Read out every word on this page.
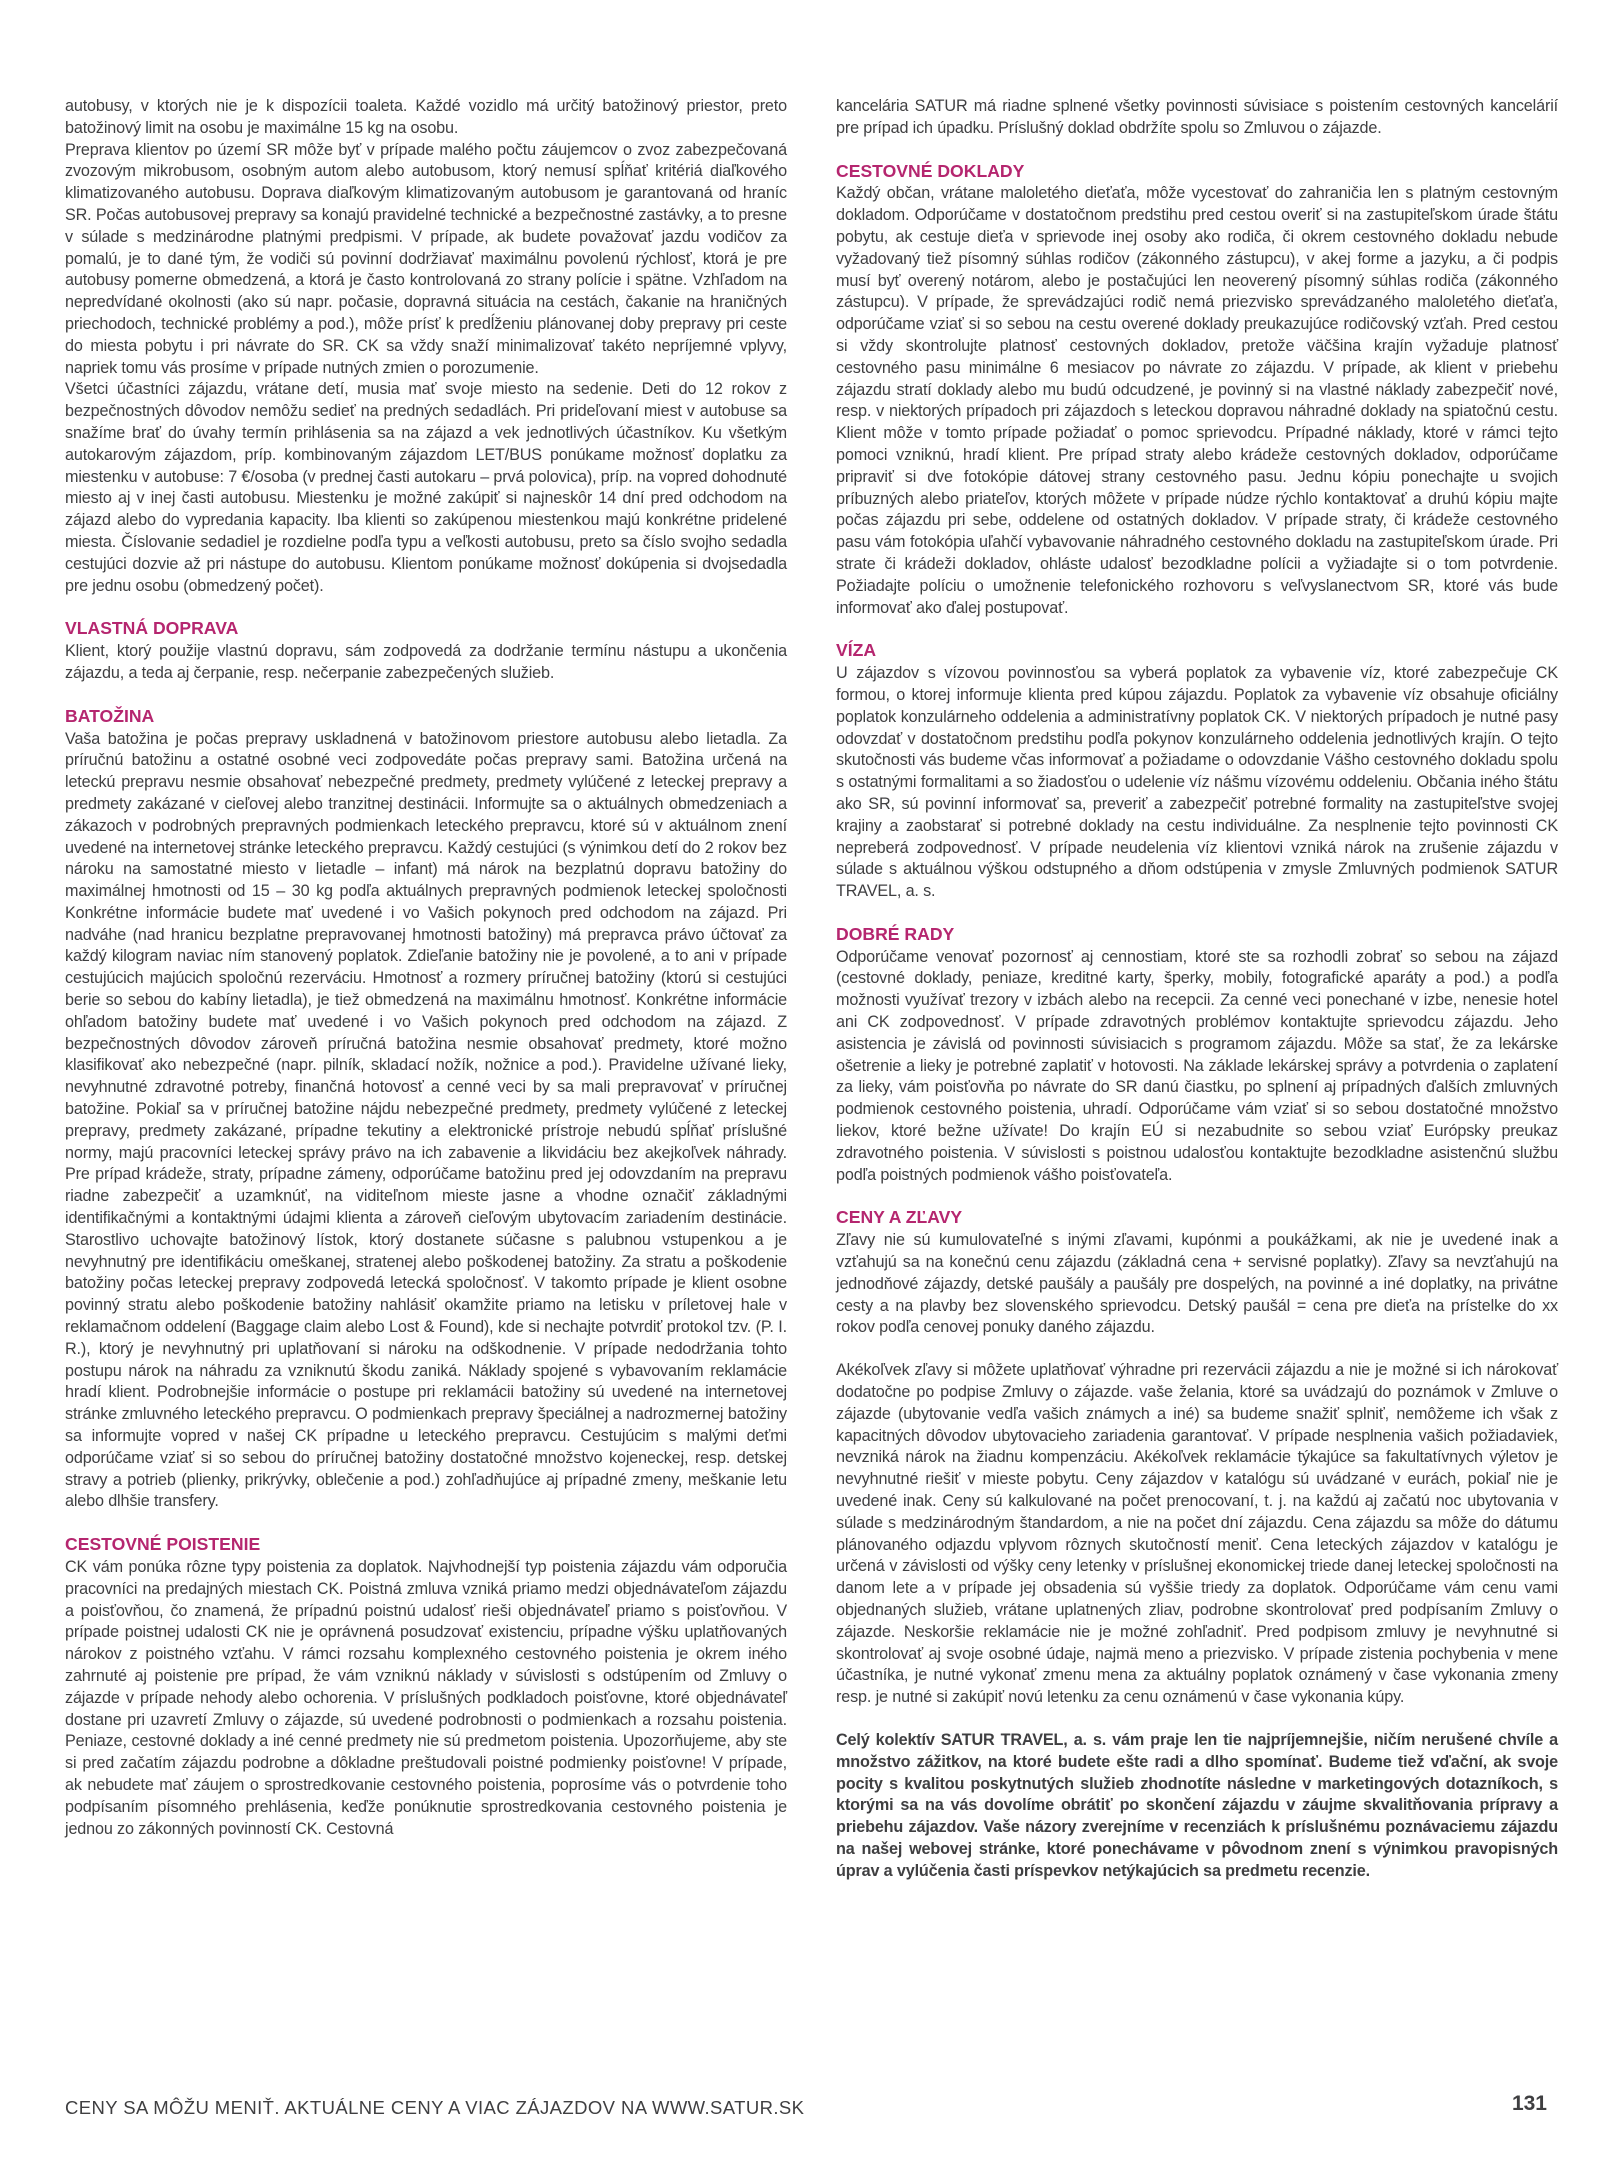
autobusy, v ktorých nie je k dispozícii toaleta. Každé vozidlo má určitý batožinový priestor, preto batožinový limit na osobu je maximálne 15 kg na osobu.

Preprava klientov po území SR môže byť v prípade malého počtu záujemcov o zvoz zabezpečovaná zvozovým mikrobusom, osobným autom alebo autobusom, ktorý nemusí spĺňať kritériá diaľkového klimatizovaného autobusu. Doprava diaľkovým klimatizovaným autobusom je garantovaná od hraníc SR. Počas autobusovej prepravy sa konajú pravidelné technické a bezpečnostné zastávky, a to presne v súlade s medzinárodne platnými predpismi. V prípade, ak budete považovať jazdu vodičov za pomalú, je to dané tým, že vodiči sú povinní dodržiavať maximálnu povolenú rýchlosť, ktorá je pre autobusy pomerne obmedzená, a ktorá je často kontrolovaná zo strany polície i spätne. Vzhľadom na nepredvídané okolnosti (ako sú napr. počasie, dopravná situácia na cestách, čakanie na hraničných priechodoch, technické problémy a pod.), môže prísť k predĺženiu plánovanej doby prepravy pri ceste do miesta pobytu i pri návrate do SR. CK sa vždy snaží minimalizovať takéto nepríjemné vplyvy, napriek tomu vás prosíme v prípade nutných zmien o porozumenie.

Všetci účastníci zájazdu, vrátane detí, musia mať svoje miesto na sedenie. Deti do 12 rokov z bezpečnostných dôvodov nemôžu sedieť na predných sedadlách. Pri prideľovaní miest v autobuse sa snažíme brať do úvahy termín prihlásenia sa na zájazd a vek jednotlivých účastníkov. Ku všetkým autokarovým zájazdom, príp. kombinovaným zájazdom LET/BUS ponúkame možnosť doplatku za miestenku v autobuse: 7 €/osoba (v prednej časti autokaru – prvá polovica), príp. na vopred dohodnuté miesto aj v inej časti autobusu. Miestenku je možné zakúpiť si najneskôr 14 dní pred odchodom na zájazd alebo do vypredania kapacity. Iba klienti so zakúpenou miestenkou majú konkrétne pridelené miesta. Číslovanie sedadiel je rozdielne podľa typu a veľkosti autobusu, preto sa číslo svojho sedadla cestujúci dozvie až pri nástupe do autobusu. Klientom ponúkame možnosť dokúpenia si dvojsedadla pre jednu osobu (obmedzený počet).

VLASTNÁ DOPRAVA

Klient, ktorý použije vlastnú dopravu, sám zodpovedá za dodržanie termínu nástupu a ukončenia zájazdu, a teda aj čerpanie, resp. nečerpanie zabezpečených služieb.

BATOŽINA

Vaša batožina je počas prepravy uskladnená v batožinovom priestore autobusu alebo lietadla. Za príručnú batožinu a ostatné osobné veci zodpovedáte počas prepravy sami. Batožina určená na leteckú prepravu nesmie obsahovať nebezpečné predmety, predmety vylúčené z leteckej prepravy a predmety zakázané v cieľovej alebo tranzitnej destinácii. Informujte sa o aktuálnych obmedzeniach a zákazoch v podrobných prepravných podmienkach leteckého prepravcu, ktoré sú v aktuálnom znení uvedené na internetovej stránke leteckého prepravcu. Každý cestujúci (s výnimkou detí do 2 rokov bez nároku na samostatné miesto v lietadle – infant) má nárok na bezplatnú dopravu batožiny do maximálnej hmotnosti od 15 – 30 kg podľa aktuálnych prepravných podmienok leteckej spoločnosti Konkrétne informácie budete mať uvedené i vo Vašich pokynoch pred odchodom na zájazd. Pri nadváhe (nad hranicu bezplatne prepravovanej hmotnosti batožiny) má prepravca právo účtovať za každý kilogram naviac ním stanovený poplatok. Zdieľanie batožiny nie je povolené, a to ani v prípade cestujúcich majúcich spoločnú rezerváciu. Hmotnosť a rozmery príručnej batožiny (ktorú si cestujúci berie so sebou do kabíny lietadla), je tiež obmedzená na maximálnu hmotnosť. Konkrétne informácie ohľadom batožiny budete mať uvedené i vo Vašich pokynoch pred odchodom na zájazd. Z bezpečnostných dôvodov zároveň príručná batožina nesmie obsahovať predmety, ktoré možno klasifikovať ako nebezpečné (napr. pilník, skladací nožík, nožnice a pod.). Pravidelne užívané lieky, nevyhnutné zdravotné potreby, finančná hotovosť a cenné veci by sa mali prepravovať v príručnej batožine. Pokiaľ sa v príručnej batožine nájdu nebezpečné predmety, predmety vylúčené z leteckej prepravy, predmety zakázané, prípadne tekutiny a elektronické prístroje nebudú spĺňať príslušné normy, majú pracovníci leteckej správy právo na ich zabavenie a likvidáciu bez akejkoľvek náhrady. Pre prípad krádeže, straty, prípadne zámeny, odporúčame batožinu pred jej odovzdaním na prepravu riadne zabezpečiť a uzamknúť, na viditeľnom mieste jasne a vhodne označiť základnými identifikačnými a kontaktnými údajmi klienta a zároveň cieľovým ubytovacím zariadením destinácie. Starostlivo uchovajte batožinový lístok, ktorý dostanete súčasne s palubnou vstupenkou a je nevyhnutný pre identifikáciu omeškanej, stratenej alebo poškodenej batožiny. Za stratu a poškodenie batožiny počas leteckej prepravy zodpovedá letecká spoločnosť. V takomto prípade je klient osobne povinný stratu alebo poškodenie batožiny nahlásiť okamžite priamo na letisku v príletovej hale v reklamačnom oddelení (Baggage claim alebo Lost & Found), kde si nechajte potvrdiť protokol tzv. (P. I. R.), ktorý je nevyhnutný pri uplatňovaní si nároku na odškodnenie. V prípade nedodržania tohto postupu nárok na náhradu za vzniknutú škodu zaniká. Náklady spojené s vybavovaním reklamácie hradí klient. Podrobnejšie informácie o postupe pri reklamácii batožiny sú uvedené na internetovej stránke zmluvného leteckého prepravcu. O podmienkach prepravy špeciálnej a nadrozmernej batožiny sa informujte vopred v našej CK prípadne u leteckého prepravcu. Cestujúcim s malými deťmi odporúčame vziať si so sebou do príručnej batožiny dostatočné množstvo kojeneckej, resp. detskej stravy a potrieb (plienky, prikrývky, oblečenie a pod.) zohľadňujúce aj prípadné zmeny, meškanie letu alebo dlhšie transfery.

CESTOVNÉ POISTENIE

CK vám ponúka rôzne typy poistenia za doplatok. Najvhodnejší typ poistenia zájazdu vám odporučia pracovníci na predajných miestach CK. Poistná zmluva vzniká priamo medzi objednávateľom zájazdu a poisťovňou, čo znamená, že prípadnú poistnú udalosť rieši objednávateľ priamo s poisťovňou. V prípade poistnej udalosti CK nie je oprávnená posudzovať existenciu, prípadne výšku uplatňovaných nárokov z poistného vzťahu. V rámci rozsahu komplexného cestovného poistenia je okrem iného zahrnuté aj poistenie pre prípad, že vám vzniknú náklady v súvislosti s odstúpením od Zmluvy o zájazde v prípade nehody alebo ochorenia. V príslušných podkladoch poisťovne, ktoré objednávateľ dostane pri uzavretí Zmluvy o zájazde, sú uvedené podrobnosti o podmienkach a rozsahu poistenia. Peniaze, cestovné doklady a iné cenné predmety nie sú predmetom poistenia. Upozorňujeme, aby ste si pred začatím zájazdu podrobne a dôkladne preštudovali poistné podmienky poisťovne! V prípade, ak nebudete mať záujem o sprostredkovanie cestovného poistenia, poprosíme vás o potvrdenie toho podpísaním písomného prehlásenia, keďže ponúknutie sprostredkovania cestovného poistenia je jednou zo zákonných povinností CK. Cestovná

kancelária SATUR má riadne splnené všetky povinnosti súvisiace s poistením cestovných kancelárií pre prípad ich úpadku. Príslušný doklad obdržíte spolu so Zmluvou o zájazde.

CESTOVNÉ DOKLADY

Každý občan, vrátane maloletého dieťaťa, môže vycestovať do zahraničia len s platným cestovným dokladom. Odporúčame v dostatočnom predstihu pred cestou overiť si na zastupiteľskom úrade štátu pobytu, ak cestuje dieťa v sprievode inej osoby ako rodiča, či okrem cestovného dokladu nebude vyžadovaný tiež písomný súhlas rodičov (zákonného zástupcu), v akej forme a jazyku, a či podpis musí byť overený notárom, alebo je postačujúci len neoverený písomný súhlas rodiča (zákonného zástupcu). V prípade, že sprevádzajúci rodič nemá priezvisko sprevádzaného maloletého dieťaťa, odporúčame vziať si so sebou na cestu overené doklady preukazujúce rodičovský vzťah. Pred cestou si vždy skontrolujte platnosť cestovných dokladov, pretože väčšina krajín vyžaduje platnosť cestovného pasu minimálne 6 mesiacov po návrate zo zájazdu. V prípade, ak klient v priebehu zájazdu stratí doklady alebo mu budú odcudzené, je povinný si na vlastné náklady zabezpečiť nové, resp. v niektorých prípadoch pri zájazdoch s leteckou dopravou náhradné doklady na spiatočnú cestu. Klient môže v tomto prípade požiadať o pomoc sprievodcu. Prípadné náklady, ktoré v rámci tejto pomoci vzniknú, hradí klient. Pre prípad straty alebo krádeže cestovných dokladov, odporúčame pripraviť si dve fotokópie dátovej strany cestovného pasu. Jednu kópiu ponechajte u svojich príbuzných alebo priateľov, ktorých môžete v prípade núdze rýchlo kontaktovať a druhú kópiu majte počas zájazdu pri sebe, oddelene od ostatných dokladov. V prípade straty, či krádeže cestovného pasu vám fotokópia uľahčí vybavovanie náhradného cestovného dokladu na zastupiteľskom úrade. Pri strate či krádeži dokladov, ohláste udalosť bezodkladne polícii a vyžiadajte si o tom potvrdenie. Požiadajte políciu o umožnenie telefonického rozhovoru s veľvyslanectvom SR, ktoré vás bude informovať ako ďalej postupovať.

VÍZA

U zájazdov s vízovou povinnosťou sa vyberá poplatok za vybavenie víz, ktoré zabezpečuje CK formou, o ktorej informuje klienta pred kúpou zájazdu. Poplatok za vybavenie víz obsahuje oficiálny poplatok konzulárneho oddelenia a administratívny poplatok CK. V niektorých prípadoch je nutné pasy odovzdať v dostatočnom predstihu podľa pokynov konzulárneho oddelenia jednotlivých krajín. O tejto skutočnosti vás budeme včas informovať a požiadame o odovzdanie Vášho cestovného dokladu spolu s ostatnými formalitami a so žiadosťou o udelenie víz nášmu vízovému oddeleniu. Občania iného štátu ako SR, sú povinní informovať sa, preveriť a zabezpečiť potrebné formality na zastupiteľstve svojej krajiny a zaobstarať si potrebné doklady na cestu individuálne. Za nesplnenie tejto povinnosti CK nepreberá zodpovednosť. V prípade neudelenia víz klientovi vzniká nárok na zrušenie zájazdu v súlade s aktuálnou výškou odstupného a dňom odstúpenia v zmysle Zmluvných podmienok SATUR TRAVEL, a. s.

DOBRÉ RADY

Odporúčame venovať pozornosť aj cennostiam, ktoré ste sa rozhodli zobrať so sebou na zájazd (cestovné doklady, peniaze, kreditné karty, šperky, mobily, fotografické aparáty a pod.) a podľa možnosti využívať trezory v izbách alebo na recepcii. Za cenné veci ponechané v izbe, nenesie hotel ani CK zodpovednosť. V prípade zdravotných problémov kontaktujte sprievodcu zájazdu. Jeho asistencia je závislá od povinnosti súvisiacich s programom zájazdu. Môže sa stať, že za lekárske ošetrenie a lieky je potrebné zaplatiť v hotovosti. Na základe lekárskej správy a potvrdenia o zaplatení za lieky, vám poisťovňa po návrate do SR danú čiastku, po splnení aj prípadných ďalších zmluvných podmienok cestovného poistenia, uhradí. Odporúčame vám vziať si so sebou dostatočné množstvo liekov, ktoré bežne užívate! Do krajín EÚ si nezabudnite so sebou vziať Európsky preukaz zdravotného poistenia. V súvislosti s poistnou udalosťou kontaktujte bezodkladne asistenčnú službu podľa poistných podmienok vášho poisťovateľa.

CENY A ZĽAVY

Zľavy nie sú kumulovateľné s inými zľavami, kupónmi a poukážkami, ak nie je uvedené inak a vzťahujú sa na konečnú cenu zájazdu (základná cena + servisné poplatky). Zľavy sa nevzťahujú na jednodňové zájazdy, detské paušály a paušály pre dospelých, na povinné a iné doplatky, na privátne cesty a na plavby bez slovenského sprievodcu. Detský paušál = cena pre dieťa na prístelke do xx rokov podľa cenovej ponuky daného zájazdu.

Akékoľvek zľavy si môžete uplatňovať výhradne pri rezervácii zájazdu a nie je možné si ich nárokovať dodatočne po podpise Zmluvy o zájazde. vaše želania, ktoré sa uvádzajú do poznámok v Zmluve o zájazde (ubytovanie vedľa vašich známych a iné) sa budeme snažiť splniť, nemôžeme ich však z kapacitných dôvodov ubytovacieho zariadenia garantovať. V prípade nesplnenia vašich požiadaviek, nevzniká nárok na žiadnu kompenzáciu. Akékoľvek reklamácie týkajúce sa fakultatívnych výletov je nevyhnutné riešiť v mieste pobytu. Ceny zájazdov v katalógu sú uvádzané v eurách, pokiaľ nie je uvedené inak. Ceny sú kalkulované na počet prenocovaní, t. j. na každú aj začatú noc ubytovania v súlade s medzinárodným štandardom, a nie na počet dní zájazdu. Cena zájazdu sa môže do dátumu plánovaného odjazdu vplyvom rôznych skutočností meniť. Cena leteckých zájazdov v katalógu je určená v závislosti od výšky ceny letenky v príslušnej ekonomickej triede danej leteckej spoločnosti na danom lete a v prípade jej obsadenia sú vyššie triedy za doplatok. Odporúčame vám cenu vami objednaných služieb, vrátane uplatnených zliav, podrobne skontrolovať pred podpísaním Zmluvy o zájazde. Neskoršie reklamácie nie je možné zohľadniť. Pred podpisom zmluvy je nevyhnutné si skontrolovať aj svoje osobné údaje, najmä meno a priezvisko. V prípade zistenia pochybenia v mene účastníka, je nutné vykonať zmenu mena za aktuálny poplatok oznámený v čase vykonania zmeny resp. je nutné si zakúpiť novú letenku za cenu oznámenú v čase vykonania kúpy.

Celý kolektív SATUR TRAVEL, a. s. vám praje len tie najpríjemnejšie, ničím nerušené chvíle a množstvo zážitkov, na ktoré budete ešte radi a dlho spomínať. Budeme tiež vďační, ak svoje pocity s kvalitou poskytnutých služieb zhodnotíte následne v marketingových dotazníkoch, s ktorými sa na vás dovolíme obrátiť po skončení zájazdu v záujme skvalitňovania prípravy a priebehu zájazdov. Vaše názory zverejníme v recenziách k príslušnému poznávaciemu zájazdu na našej webovej stránke, ktoré ponechávame v pôvodnom znení s výnimkou pravopisných úprav a vylúčenia časti príspevkov netýkajúcich sa predmetu recenzie.

CENY SA MÔŽU MENIŤ. AKTUÁLNE CENY A VIAC ZÁJAZDOV NA WWW.SATUR.SK	131
